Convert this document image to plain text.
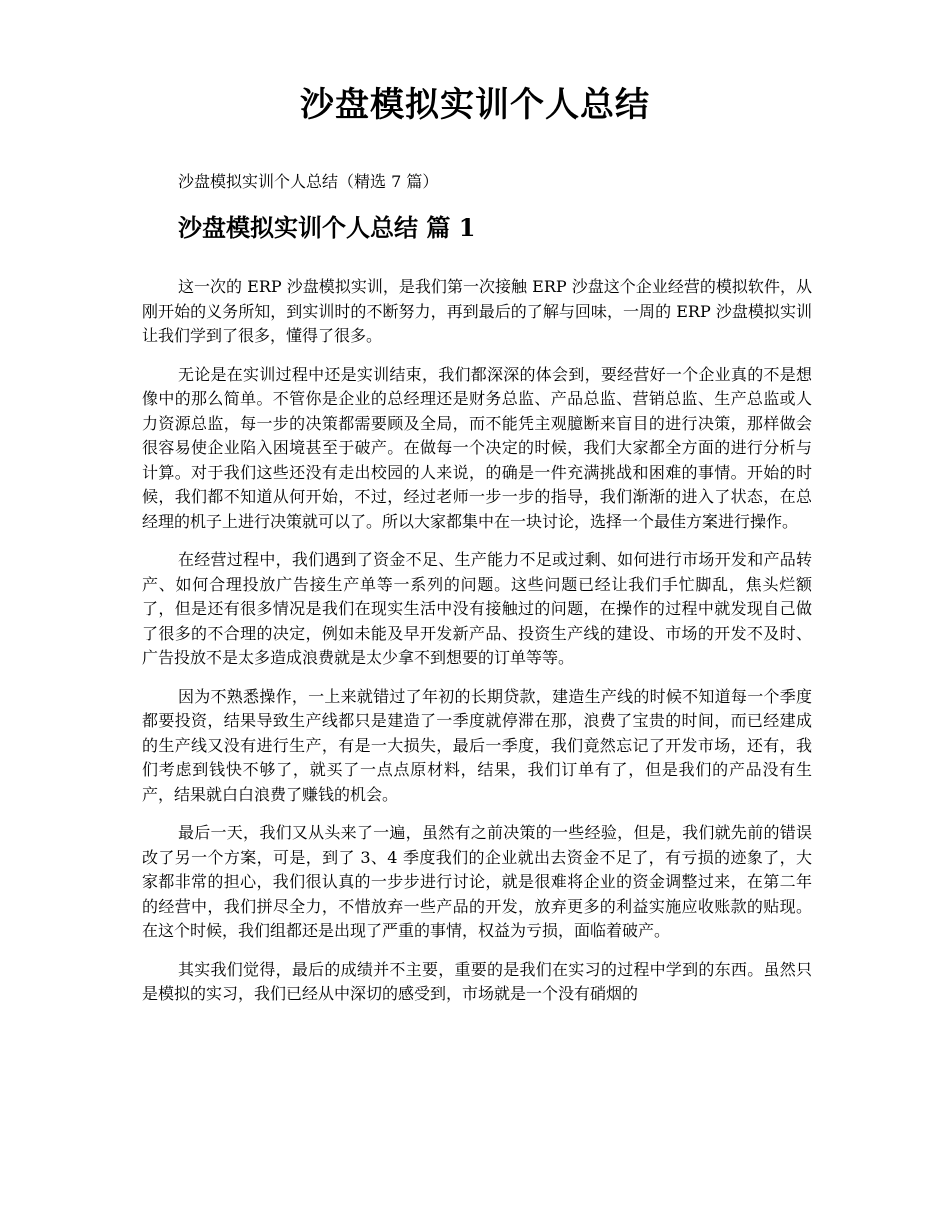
沙盘模拟实训个人总结
沙盘模拟实训个人总结（精选 7 篇）
沙盘模拟实训个人总结 篇 1

这一次的 ERP 沙盘模拟实训，是我们第一次接触 ERP 沙盘这个企业经营的模拟软件，从刚开始的义务所知，到实训时的不断努力，再到最后的了解与回味，一周的 ERP 沙盘模拟实训让我们学到了很多，懂得了很多。

无论是在实训过程中还是实训结束，我们都深深的体会到，要经营好一个企业真的不是想像中的那么简单。不管你是企业的总经理还是财务总监、产品总监、营销总监、生产总监或人力资源总监，每一步的决策都需要顾及全局，而不能凭主观臆断来盲目的进行决策，那样做会很容易使企业陷入困境甚至于破产。在做每一个决定的时候，我们大家都全方面的进行分析与计算。对于我们这些还没有走出校园的人来说，的确是一件充满挑战和困难的事情。开始的时候，我们都不知道从何开始，不过，经过老师一步一步的指导，我们渐渐的进入了状态，在总经理的机子上进行决策就可以了。所以大家都集中在一块讨论，选择一个最佳方案进行操作。

在经营过程中，我们遇到了资金不足、生产能力不足或过剩、如何进行市场开发和产品转产、如何合理投放广告接生产单等一系列的问题。这些问题已经让我们手忙脚乱，焦头烂额了，但是还有很多情况是我们在现实生活中没有接触过的问题，在操作的过程中就发现自己做了很多的不合理的决定，例如未能及早开发新产品、投资生产线的建设、市场的开发不及时、广告投放不是太多造成浪费就是太少拿不到想要的订单等等。

因为不熟悉操作，一上来就错过了年初的长期贷款，建造生产线的时候不知道每一个季度都要投资，结果导致生产线都只是建造了一季度就停滞在那，浪费了宝贵的时间，而已经建成的生产线又没有进行生产，有是一大损失，最后一季度，我们竟然忘记了开发市场，还有，我们考虑到钱快不够了，就买了一点点原材料，结果，我们订单有了，但是我们的产品没有生产，结果就白白浪费了赚钱的机会。

最后一天，我们又从头来了一遍，虽然有之前决策的一些经验，但是，我们就先前的错误改了另一个方案，可是，到了 3、4 季度我们的企业就出去资金不足了，有亏损的迹象了，大家都非常的担心，我们很认真的一步步进行讨论，就是很难将企业的资金调整过来，在第二年的经营中，我们拼尽全力，不惜放弃一些产品的开发，放弃更多的利益实施应收账款的贴现。在这个时候，我们组都还是出现了严重的事情，权益为亏损，面临着破产。

其实我们觉得，最后的成绩并不主要，重要的是我们在实习的过程中学到的东西。虽然只是模拟的实习，我们已经从中深切的感受到，市场就是一个没有硝烟的
